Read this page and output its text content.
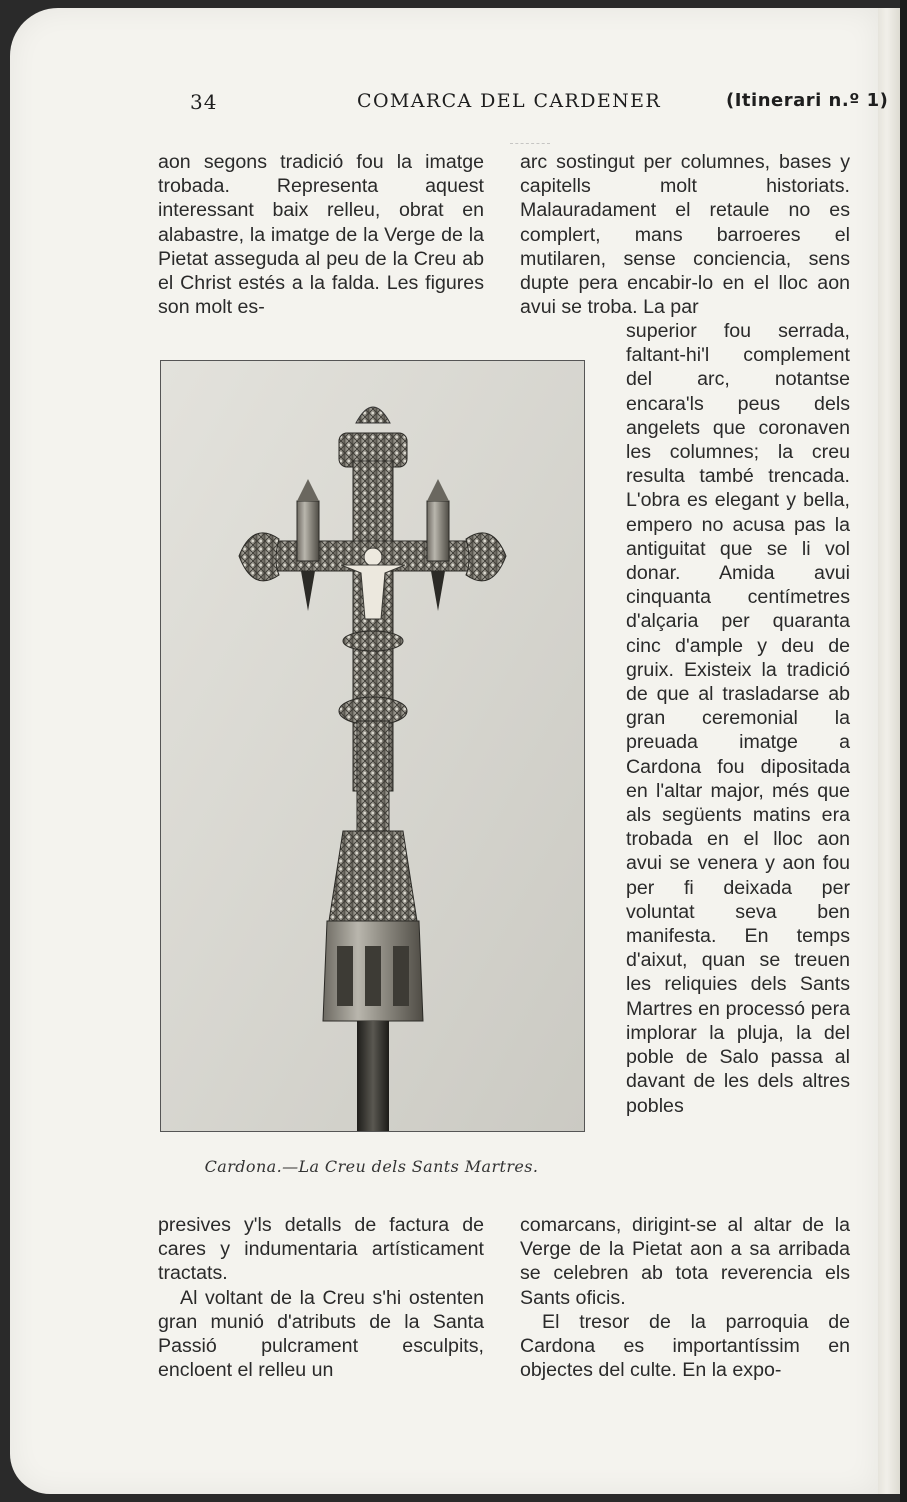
34	COMARCA DEL CARDENER	(Itinerari n.º 1)

aon segons tradició fou la imatge trobada. Representa aquest interessant baix relleu, obrat en alabastre, la imatge de la Verge de la Pietat asseguda al peu de la Creu ab el Christ estés a la falda. Les figures son molt es-

arc sostingut per columnes, bases y capitells molt historiats. Malauradament el retaule no es complert, mans barroeres el mutilaren, sense conciencia, sens dupte pera encabir-lo en el lloc aon avui se troba. La par

superior fou serrada, faltant-hi'l complement del arc, notantse encara'ls peus dels angelets que coronaven les columnes; la creu resulta també trencada. L'obra es elegant y bella, empero no acusa pas la antiguitat que se li vol donar. Amida avui cinquanta centímetres d'alçaria per quaranta cinc d'ample y deu de gruix. Existeix la tradició de que al trasladarse ab gran ceremonial la preuada imatge a Cardona fou dipositada en l'altar major, més que als següents matins era trobada en el lloc aon avui se venera y aon fou per fi deixada per voluntat seva ben manifesta. En temps d'aixut, quan se treuen les reliquies dels Sants Martres en processó pera implorar la pluja, la del poble de Salo passa al davant de les dels altres pobles

Cardona.—La Creu dels Sants Martres.

presives y'ls detalls de factura de cares y indumentaria artísticament tractats.

Al voltant de la Creu s'hi ostenten gran munió d'atributs de la Santa Passió pulcrament esculpits, encloent el relleu un

comarcans, dirigint-se al altar de la Verge de la Pietat aon a sa arribada se celebren ab tota reverencia els Sants oficis.

El tresor de la parroquia de Cardona es importantíssim en objectes del culte. En la expo-
